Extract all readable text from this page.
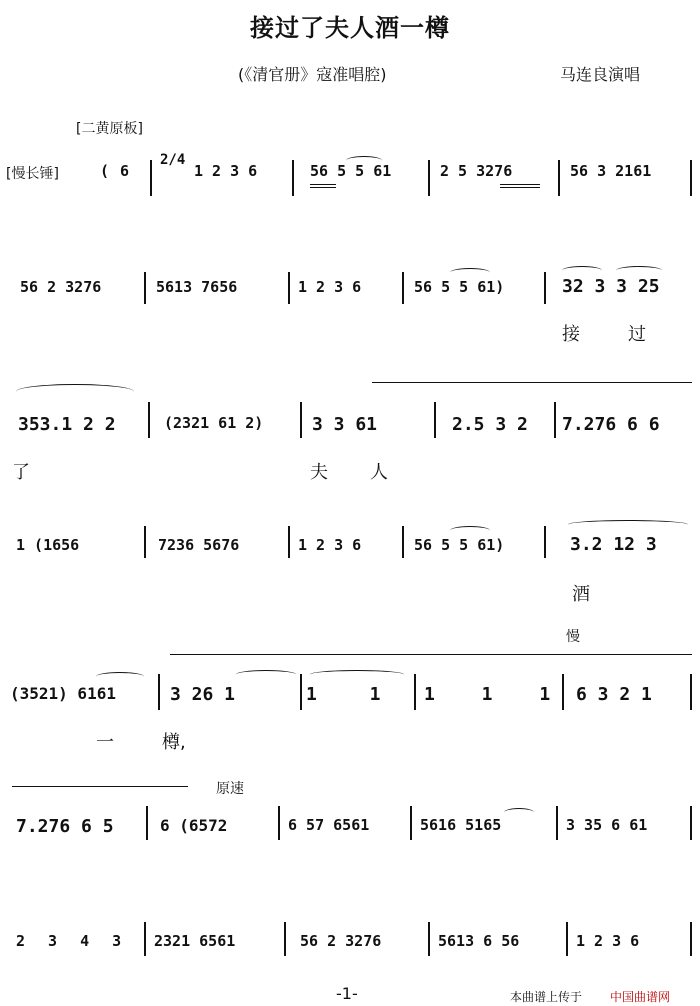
接过了夫人酒一樽
(《清官册》寇准唱腔)	马连良演唱
[二黄原板]
[慢长锤]	( 6
2/4
1 2 3 6	56 5 5 61	2 5 3276	56 3 2161
56 2 3276	5613 7656	1 2 3 6	56 5 5 61)	32 3 3 25
接	过
353.1 2 2	(2321 61 2)	3 3 61	2.5 3 2 7.276 6 6
了	夫 人
1 (1656	7236 5676	1 2 3 6	56 5 5 61)	3.2 12 3
酒
慢
(3521) 6161	3 26 1	1 1 1 1 1 6 3 2 1
一	樽,
原速
7.276 6 5	6 (6572	6 57 6561	5616 5165	3 35 6 61
2 3 4 3 2321 6561	56 2 3276	5613 6 56	1 2 3 6
-1-	本曲谱上传于 中国曲谱网
